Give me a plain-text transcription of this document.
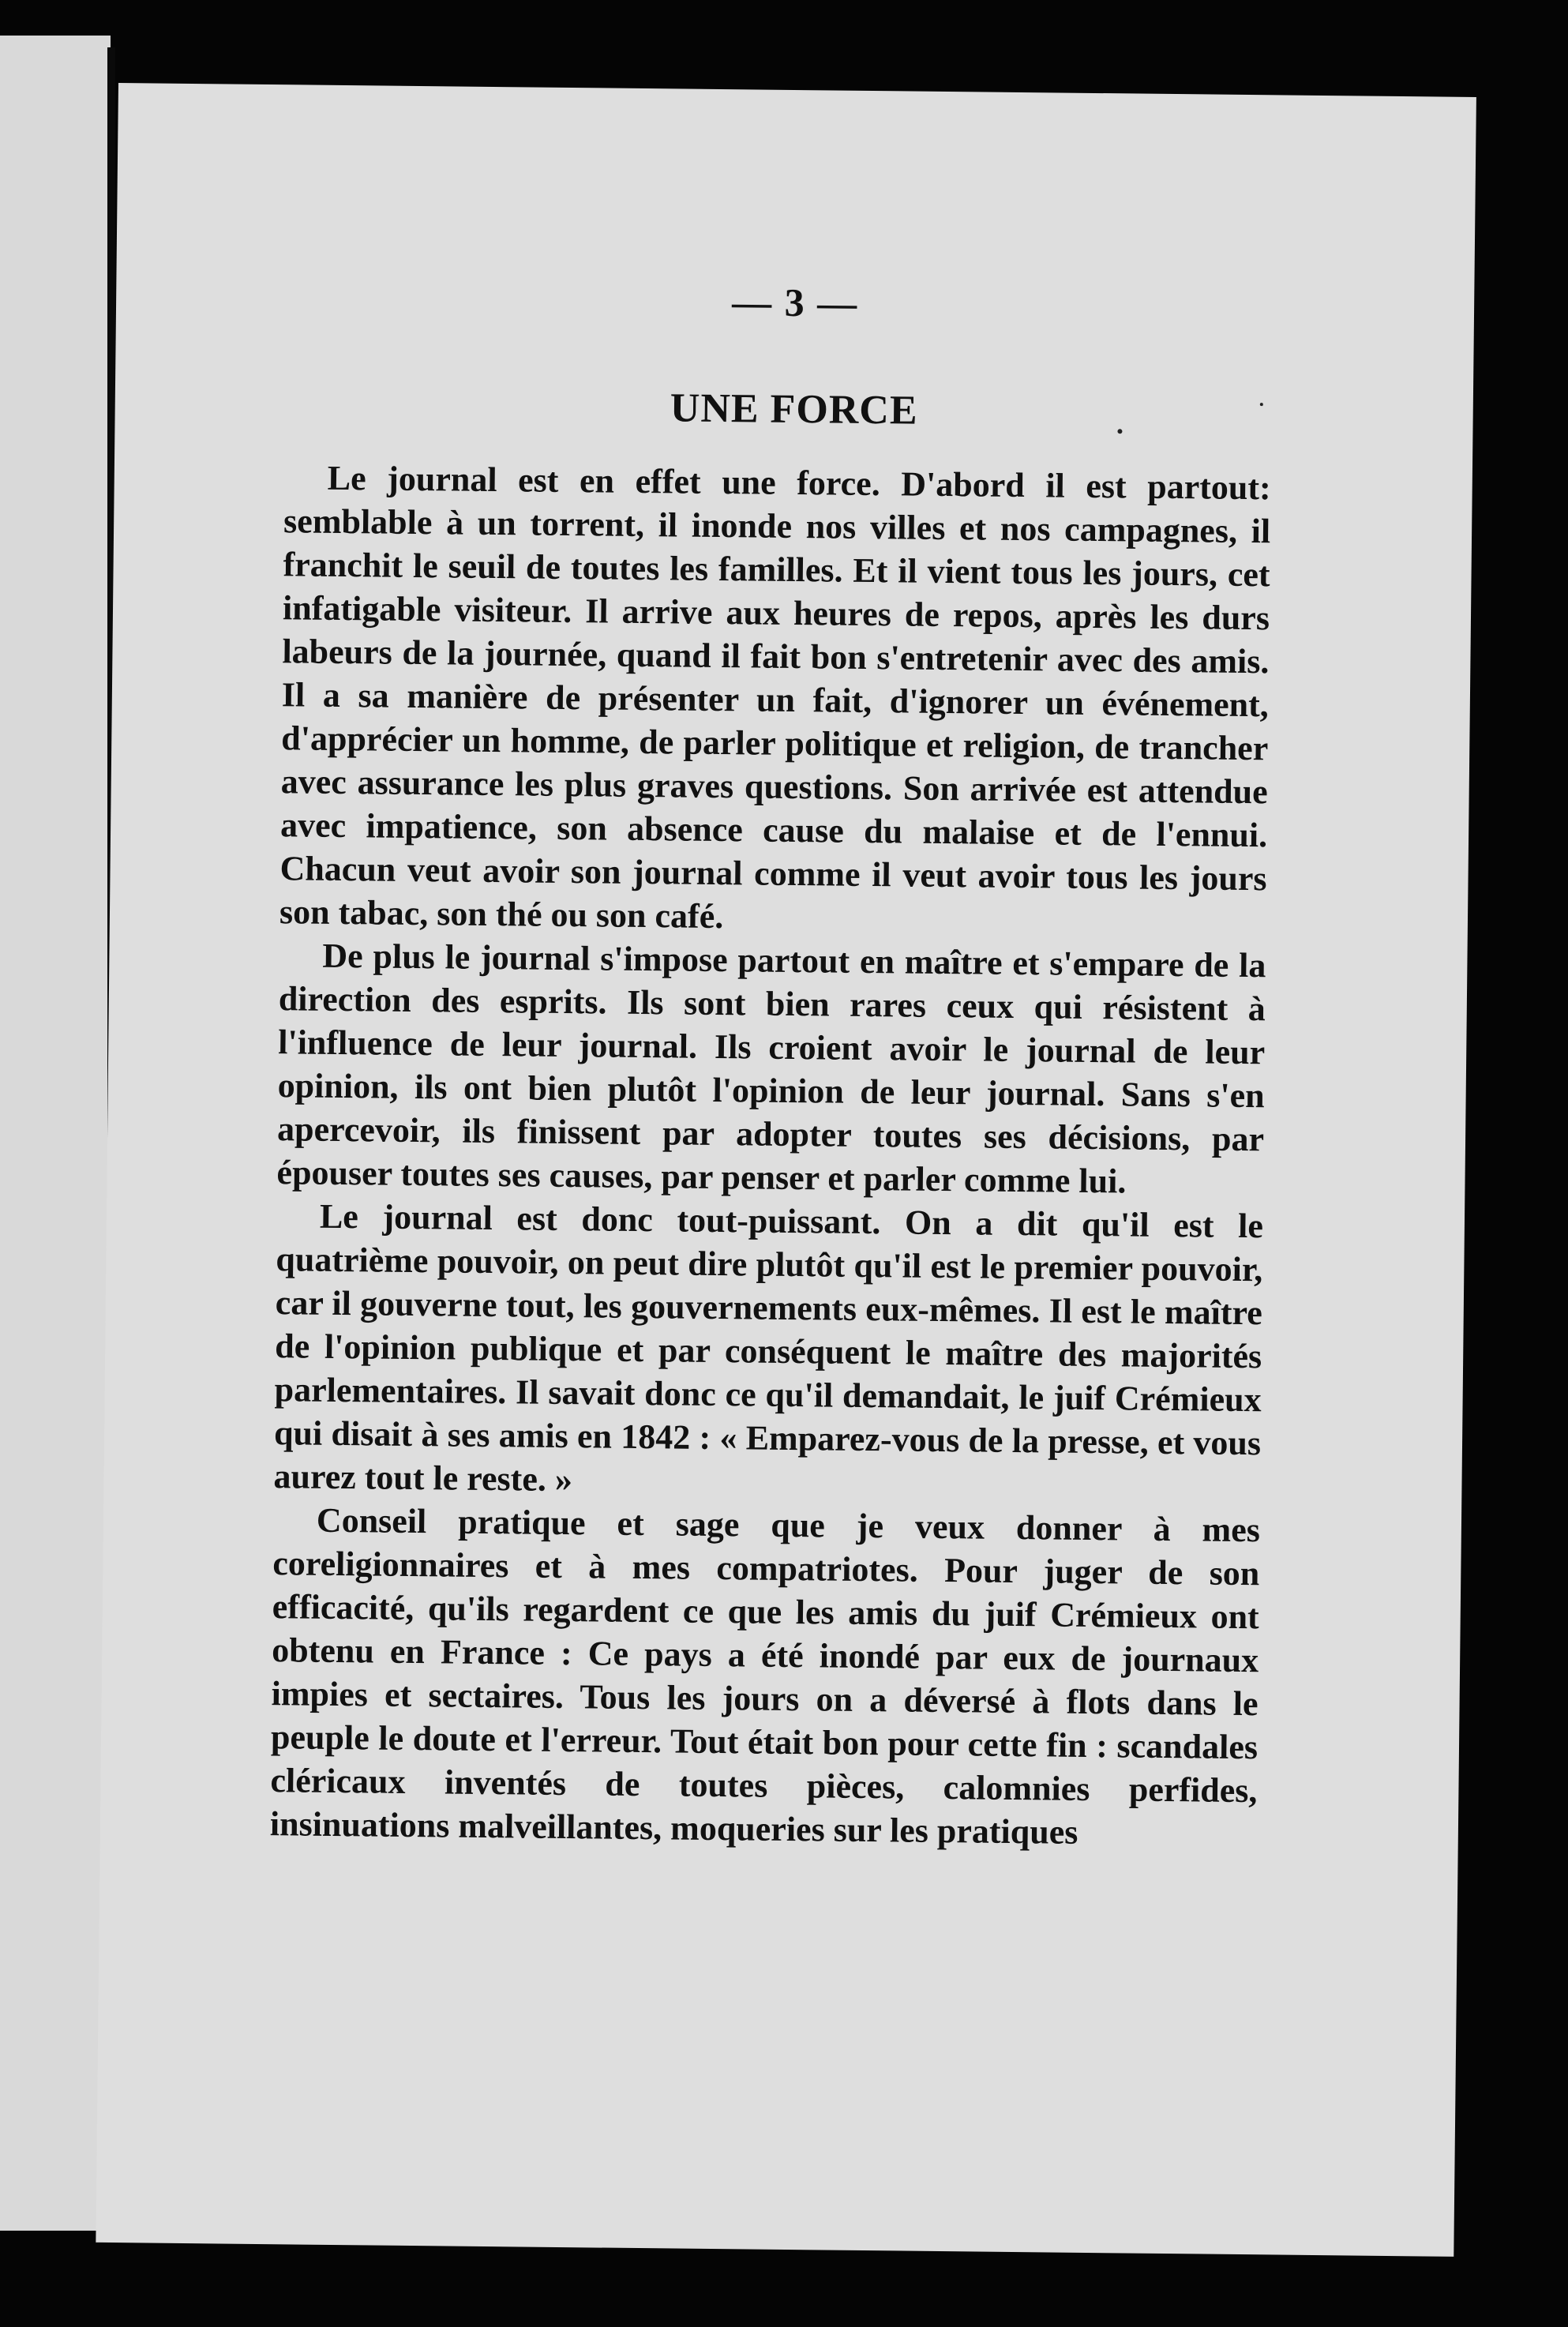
— 3 —
UNE FORCE

Le journal est en effet une force. D'abord il est partout: semblable à un torrent, il inonde nos villes et nos campagnes, il franchit le seuil de toutes les familles. Et il vient tous les jours, cet infatigable visiteur. Il arrive aux heures de repos, après les durs labeurs de la journée, quand il fait bon s'entretenir avec des amis. Il a sa manière de présenter un fait, d'ignorer un événement, d'apprécier un homme, de parler politique et religion, de trancher avec assurance les plus graves questions. Son arrivée est attendue avec impatience, son absence cause du malaise et de l'ennui. Chacun veut avoir son journal comme il veut avoir tous les jours son tabac, son thé ou son café.

De plus le journal s'impose partout en maître et s'empare de la direction des esprits. Ils sont bien rares ceux qui résistent à l'influence de leur journal. Ils croient avoir le journal de leur opinion, ils ont bien plutôt l'opinion de leur journal. Sans s'en apercevoir, ils finissent par adopter toutes ses décisions, par épouser toutes ses causes, par penser et parler comme lui.

Le journal est donc tout-puissant. On a dit qu'il est le quatrième pouvoir, on peut dire plutôt qu'il est le premier pouvoir, car il gouverne tout, les gouvernements eux-mêmes. Il est le maître de l'opinion publique et par conséquent le maître des majorités parlementaires. Il savait donc ce qu'il demandait, le juif Crémieux qui disait à ses amis en 1842 : « Emparez-vous de la presse, et vous aurez tout le reste. »

Conseil pratique et sage que je veux donner à mes coreligionnaires et à mes compatriotes. Pour juger de son efficacité, qu'ils regardent ce que les amis du juif Crémieux ont obtenu en France : Ce pays a été inondé par eux de journaux impies et sectaires. Tous les jours on a déversé à flots dans le peuple le doute et l'erreur. Tout était bon pour cette fin : scandales cléricaux inventés de toutes pièces, calomnies perfides, insinuations malveillantes, moqueries sur les pratiques
